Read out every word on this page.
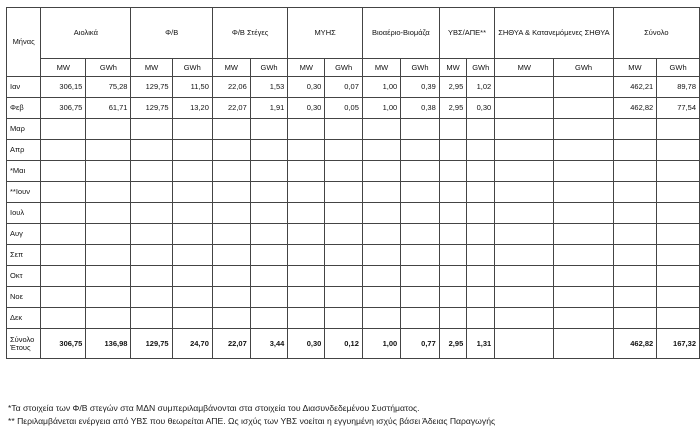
Μήνας	Αιολικά		Φ/Β		Φ/Β Στέγες		ΜΥΗΣ		Βιοαέριο-Βιομάζα		ΥΒΣ/ΑΠΕ**		ΣΗΘΥΑ & Κατανεμόμενες ΣΗΘΥΑ		Σύνολο	
	MW	GWh	MW	GWh	MW	GWh	MW	GWh	MW	GWh	MW	GWh	MW	GWh	MW	GWh
Ιαν	306,15	75,28	129,75	11,50	22,06	1,53	0,30	0,07	1,00	0,39	2,95	1,02			462,21	89,78
Φεβ	306,75	61,71	129,75	13,20	22,07	1,91	0,30	0,05	1,00	0,38	2,95	0,30			462,82	77,54
Μαρ																
Απρ																
*Μαι																
**Ιουν																
Ιουλ																
Αυγ																
Σεπ																
Οκτ																
Νοε																
Δεκ																

Σύνολο
Έτους	306,75	136,98	129,75	24,70	22,07	3,44	0,30	0,12	1,00	0,77	2,95	1,31			462,82	167,32
*Τα στοιχεία των Φ/Β στεγών στα ΜΔΝ συμπεριλαμβάνονται στα στοιχεία του Διασυνδεδεμένου Συστήματος.
** Περιλαμβάνεται ενέργεια από ΥΒΣ που θεωρείται ΑΠΕ. Ως ισχύς των ΥΒΣ νοείται η εγγυημένη ισχύς βάσει Άδειας Παραγωγής
